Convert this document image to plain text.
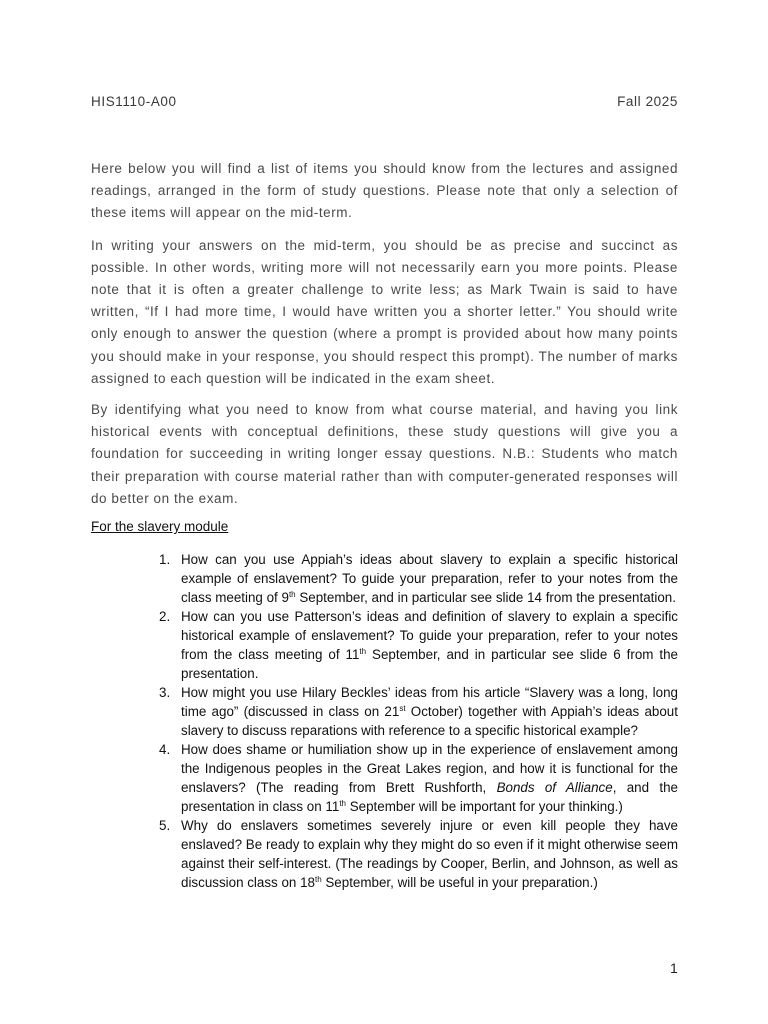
HIS1110-A00	Fall 2025

Here below you will find a list of items you should know from the lectures and assigned readings, arranged in the form of study questions. Please note that only a selection of these items will appear on the mid-term.

In writing your answers on the mid-term, you should be as precise and succinct as possible. In other words, writing more will not necessarily earn you more points. Please note that it is often a greater challenge to write less; as Mark Twain is said to have written, “If I had more time, I would have written you a shorter letter.” You should write only enough to answer the question (where a prompt is provided about how many points you should make in your response, you should respect this prompt). The number of marks assigned to each question will be indicated in the exam sheet.

By identifying what you need to know from what course material, and having you link historical events with conceptual definitions, these study questions will give you a foundation for succeeding in writing longer essay questions. N.B.: Students who match their preparation with course material rather than with computer-generated responses will do better on the exam.

For the slavery module
1. How can you use Appiah’s ideas about slavery to explain a specific historical example of enslavement? To guide your preparation, refer to your notes from the class meeting of 9th September, and in particular see slide 14 from the presentation.
2. How can you use Patterson’s ideas and definition of slavery to explain a specific historical example of enslavement? To guide your preparation, refer to your notes from the class meeting of 11th September, and in particular see slide 6 from the presentation.
3. How might you use Hilary Beckles’ ideas from his article “Slavery was a long, long time ago” (discussed in class on 21st October) together with Appiah’s ideas about slavery to discuss reparations with reference to a specific historical example?
4. How does shame or humiliation show up in the experience of enslavement among the Indigenous peoples in the Great Lakes region, and how it is functional for the enslavers? (The reading from Brett Rushforth, Bonds of Alliance, and the presentation in class on 11th September will be important for your thinking.)
5. Why do enslavers sometimes severely injure or even kill people they have enslaved? Be ready to explain why they might do so even if it might otherwise seem against their self-interest. (The readings by Cooper, Berlin, and Johnson, as well as discussion class on 18th September, will be useful in your preparation.)
1
